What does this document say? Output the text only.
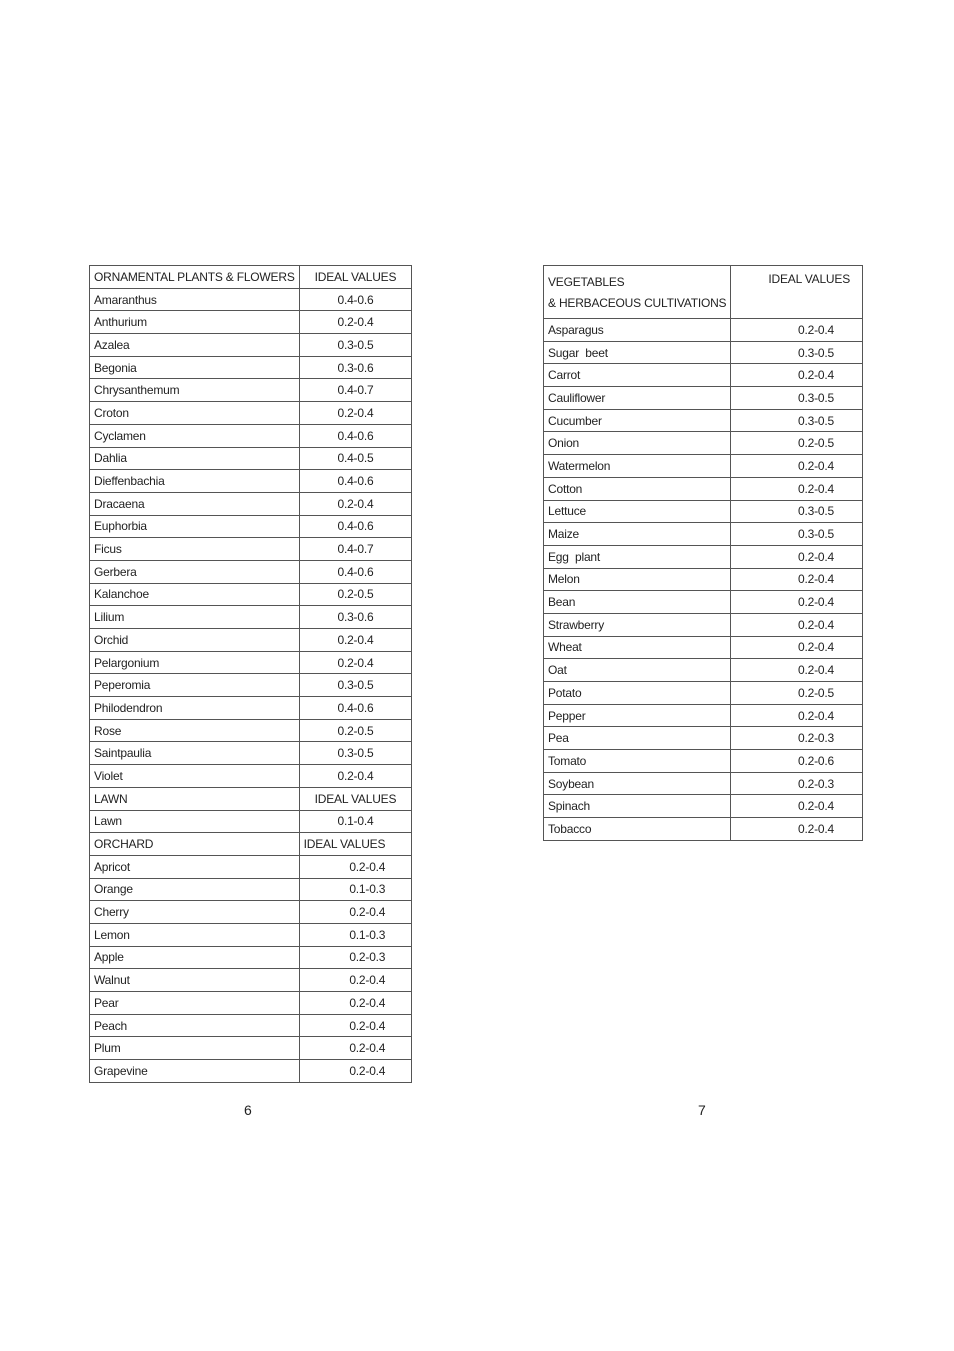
ORNAMENTAL PLANTS & FLOWERS	IDEAL VALUES
Amaranthus	0.4-0.6
Anthurium	0.2-0.4
Azalea	0.3-0.5
Begonia	0.3-0.6
Chrysanthemum	0.4-0.7
Croton	0.2-0.4
Cyclamen	0.4-0.6
Dahlia	0.4-0.5
Dieffenbachia	0.4-0.6
Dracaena	0.2-0.4
Euphorbia	0.4-0.6
Ficus	0.4-0.7
Gerbera	0.4-0.6
Kalanchoe	0.2-0.5
Lilium	0.3-0.6
Orchid	0.2-0.4
Pelargonium	0.2-0.4
Peperomia	0.3-0.5
Philodendron	0.4-0.6
Rose	0.2-0.5
Saintpaulia	0.3-0.5
Violet	0.2-0.4
LAWN	IDEAL VALUES
Lawn	0.1-0.4
ORCHARD	IDEAL VALUES
Apricot	0.2-0.4
Orange	0.1-0.3
Cherry	0.2-0.4
Lemon	0.1-0.3
Apple	0.2-0.3
Walnut	0.2-0.4
Pear	0.2-0.4
Peach	0.2-0.4
Plum	0.2-0.4
Grapevine	0.2-0.4
6
VEGETABLES
& HERBACEOUS CULTIVATIONS	IDEAL VALUES
Asparagus	0.2-0.4
Sugar  beet	0.3-0.5
Carrot	0.2-0.4
Cauliflower	0.3-0.5
Cucumber	0.3-0.5
Onion	0.2-0.5
Watermelon	0.2-0.4
Cotton	0.2-0.4
Lettuce	0.3-0.5
Maize	0.3-0.5
Egg  plant	0.2-0.4
Melon	0.2-0.4
Bean	0.2-0.4
Strawberry	0.2-0.4
Wheat	0.2-0.4
Oat	0.2-0.4
Potato	0.2-0.5
Pepper	0.2-0.4
Pea	0.2-0.3
Tomato	0.2-0.6
Soybean	0.2-0.3
Spinach	0.2-0.4
Tobacco	0.2-0.4
7
